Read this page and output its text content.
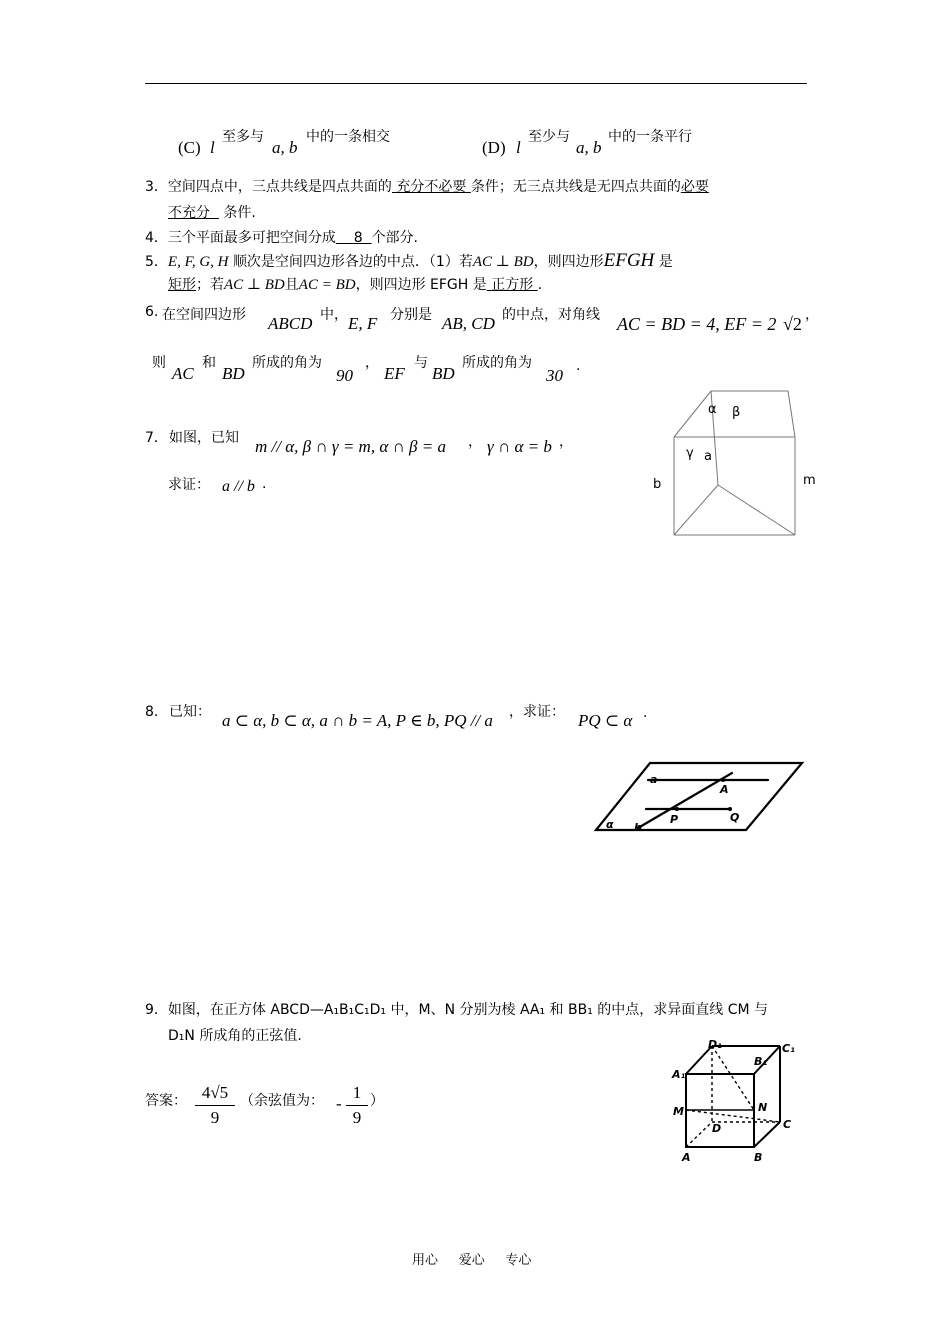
(C) l
至多与
a, b
中的一条相交
(D) l
至少与
a, b
中的一条平行
3．空间四点中，三点共线是四点共面的 充分不必要 条件；无三点共线是无四点共面的必要
不充分 条件.
4．三个平面最多可把空间分成 8 个部分.
5．E, F, G, H 顺次是空间四边形各边的中点．（1）若AC ⊥ BD，则四边形EFGH 是
矩形；若AC ⊥ BD且AC = BD，则四边形 EFGH 是 正方形 .
6. 在空间四边形 ABCD 中， E, F 分别是 AB, CD 的中点，对角线 AC = BD = 4, EF = 2 √2 ，
则
AC
和
BD
所成的角为
90
，
EF
与
BD
所成的角为
30 .
7． 如图，已知 m // α, β ∩ γ = m, α ∩ β = a ， γ ∩ α = b ，
求证： a // b .
α β
γ a
b	m
8． 已知： a ⊂ α, b ⊂ α, a ∩ b = A, P ∈ b, PQ // a ，求证： PQ ⊂ α .
a
A
α b
P	Q
9．如图，在正方体 ABCD—A₁B₁C₁D₁ 中，M、N 分别为棱 AA₁ 和 BB₁ 的中点，求异面直线 CM 与
D₁N 所成角的正弦值.
答案： 4√5
9
（余弦值为： -
1
9
）
D₁
B₁
C₁
A₁
M	N
D	C
A	B
用心 爱心 专心
